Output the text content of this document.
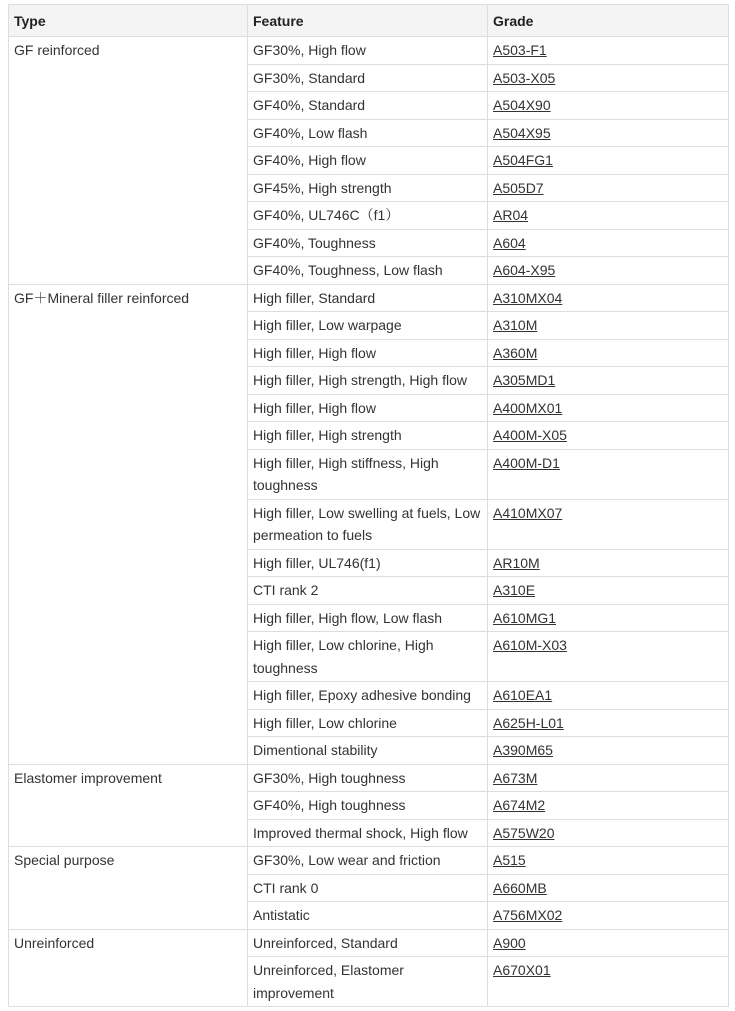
Type	Feature	Grade
GF reinforced	GF30%, High flow	A503-F1
	GF30%, Standard	A503-X05
	GF40%, Standard	A504X90
	GF40%, Low flash	A504X95
	GF40%, High flow	A504FG1
	GF45%, High strength	A505D7
	GF40%, UL746C（f1）	AR04
	GF40%, Toughness	A604
	GF40%, Toughness, Low flash	A604-X95
GF＋Mineral filler reinforced	High filler, Standard	A310MX04
	High filler, Low warpage	A310M
	High filler, High flow	A360M
	High filler, High strength, High flow	A305MD1
	High filler, High flow	A400MX01
	High filler, High strength	A400M-X05
	High filler, High stiffness, High toughness	A400M-D1
	High filler, Low swelling at fuels, Low permeation to fuels	A410MX07
	High filler, UL746(f1)	AR10M
	CTI rank 2	A310E
	High filler, High flow, Low flash	A610MG1
	High filler, Low chlorine, High toughness	A610M-X03
	High filler, Epoxy adhesive bonding	A610EA1
	High filler, Low chlorine	A625H-L01
	Dimentional stability	A390M65
Elastomer improvement	GF30%, High toughness	A673M
	GF40%, High toughness	A674M2
	Improved thermal shock, High flow	A575W20
Special purpose	GF30%, Low wear and friction	A515
	CTI rank 0	A660MB
	Antistatic	A756MX02
Unreinforced	Unreinforced, Standard	A900
	Unreinforced, Elastomer improvement	A670X01
